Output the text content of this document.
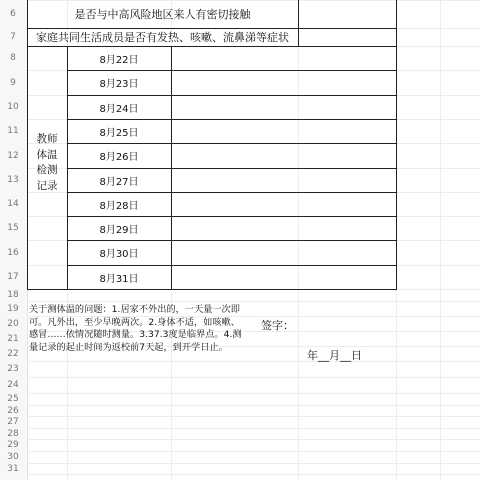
6
7
8
9
10
11
12
13
14
15
16
17
18
19
20
21
22
23
24
25
26
27
28
29
30
31
是否与中高风险地区来人有密切接触
家庭共同生活成员是否有发热、咳嗽、流鼻涕等症状
8月22日
8月23日
8月24日
8月25日
8月26日
8月27日
8月28日
8月29日
8月30日
8月31日
教师
体温
检测
记录
关于测体温的问题：1.居家不外出的，一天量一次即可。凡外出，至少早晚两次。2.身体不适，如咳嗽、感冒……依情况随时测量。3.37.3度是临界点。4.测量记录的起止时间为返校前7天起，到开学日止。
签字：
年__月__日
